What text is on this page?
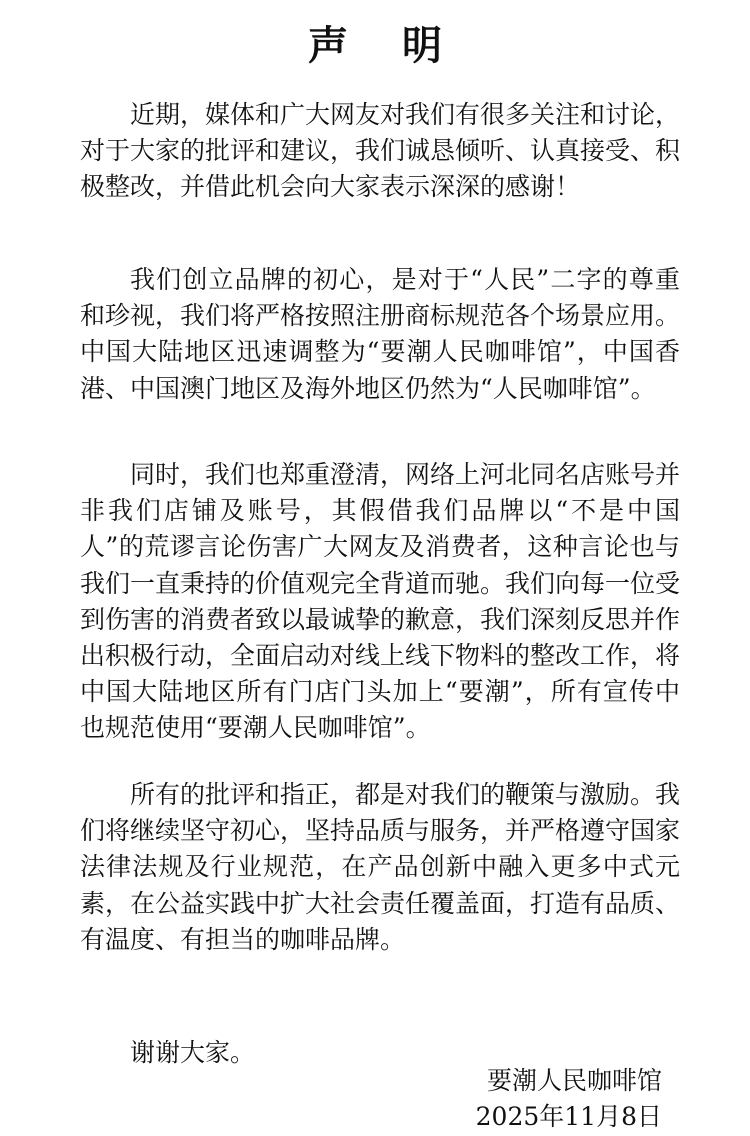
声 明

近期，媒体和广大网友对我们有很多关注和讨论，对于大家的批评和建议，我们诚恳倾听、认真接受、积极整改，并借此机会向大家表示深深的感谢！

我们创立品牌的初心，是对于“人民”二字的尊重和珍视，我们将严格按照注册商标规范各个场景应用。中国大陆地区迅速调整为“要潮人民咖啡馆”，中国香港、中国澳门地区及海外地区仍然为“人民咖啡馆”。

同时，我们也郑重澄清，网络上河北同名店账号并非我们店铺及账号，其假借我们品牌以“不是中国人”的荒谬言论伤害广大网友及消费者，这种言论也与我们一直秉持的价值观完全背道而驰。我们向每一位受到伤害的消费者致以最诚挚的歉意，我们深刻反思并作出积极行动，全面启动对线上线下物料的整改工作，将中国大陆地区所有门店门头加上“要潮”，所有宣传中也规范使用“要潮人民咖啡馆”。

所有的批评和指正，都是对我们的鞭策与激励。我们将继续坚守初心，坚持品质与服务，并严格遵守国家法律法规及行业规范，在产品创新中融入更多中式元素，在公益实践中扩大社会责任覆盖面，打造有品质、有温度、有担当的咖啡品牌。

谢谢大家。

要潮人民咖啡馆
2025年11月8日
